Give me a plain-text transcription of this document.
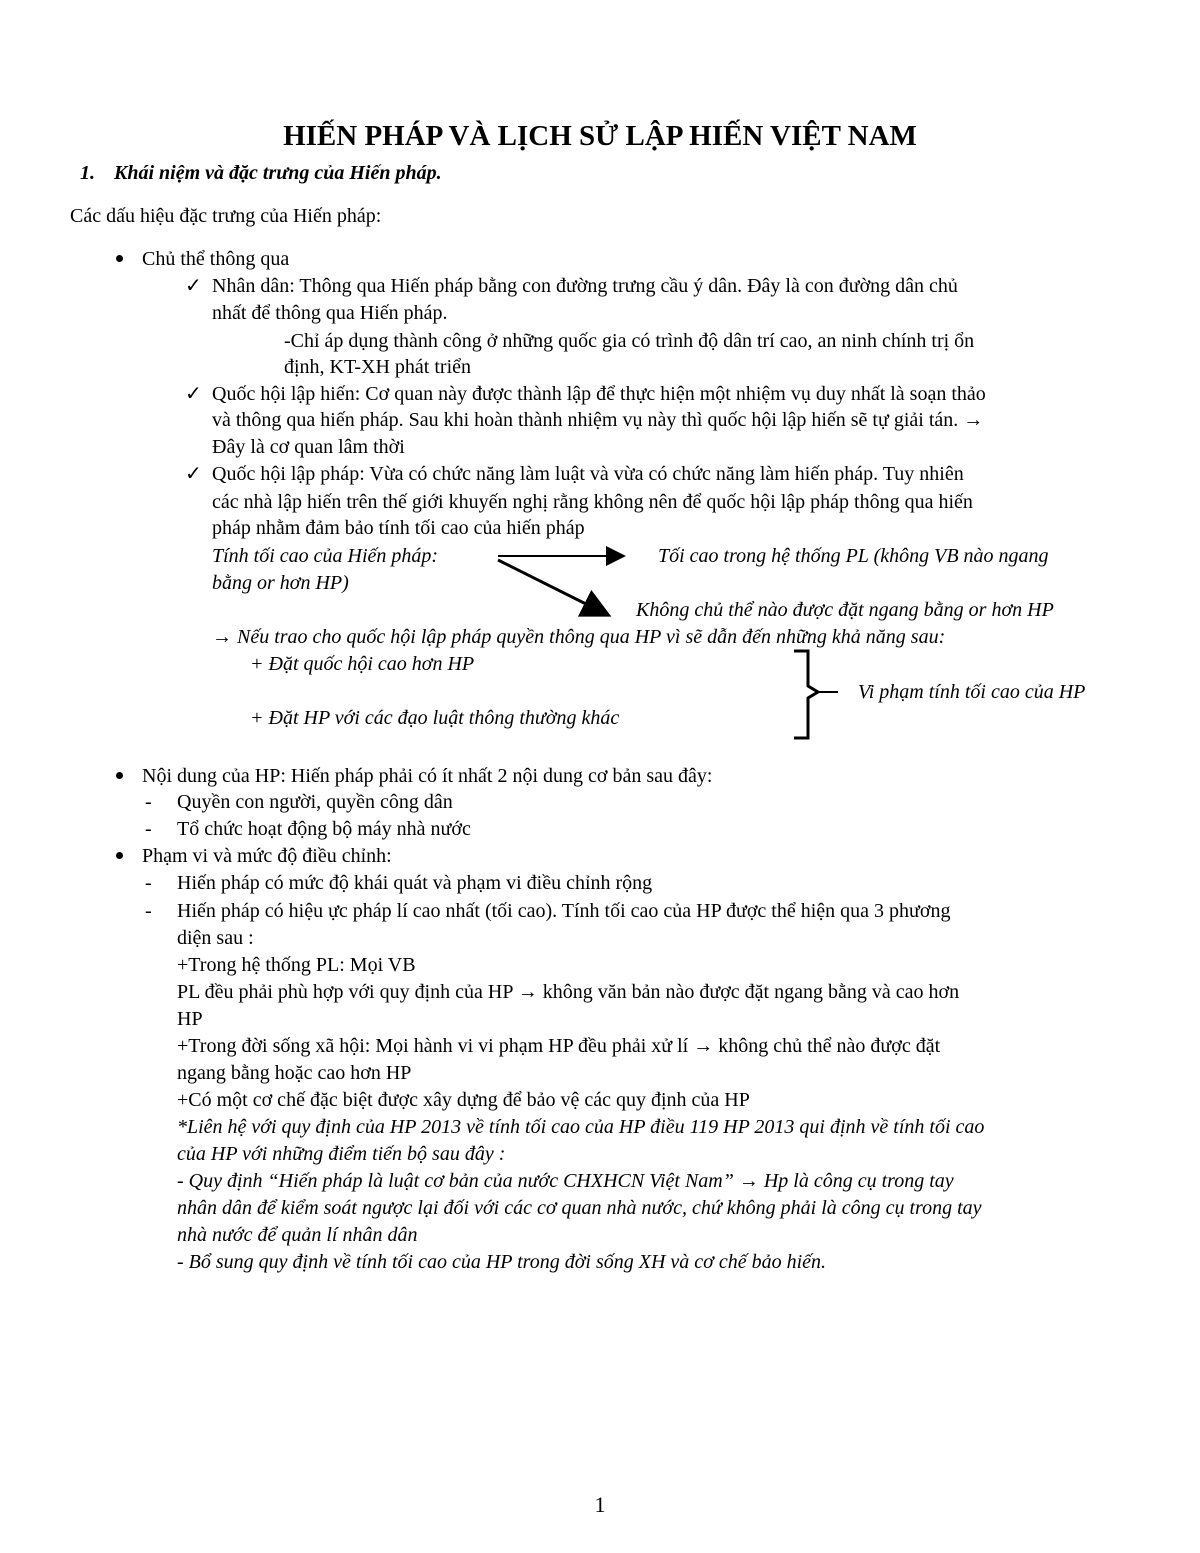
HIẾN PHÁP VÀ LỊCH SỬ LẬP HIẾN VIỆT NAM
1. Khái niệm và đặc trưng của Hiến pháp.
Các dấu hiệu đặc trưng của Hiến pháp:
Chủ thể thông qua
✓ Nhân dân: Thông qua Hiến pháp bằng con đường trưng cầu ý dân. Đây là con đường dân chủ
nhất để thông qua Hiến pháp.
-Chỉ áp dụng thành công ở những quốc gia có trình độ dân trí cao, an ninh chính trị ổn
định, KT-XH phát triển
✓ Quốc hội lập hiến: Cơ quan này được thành lập để thực hiện một nhiệm vụ duy nhất là soạn thảo
và thông qua hiến pháp. Sau khi hoàn thành nhiệm vụ này thì quốc hội lập hiến sẽ tự giải tán. →
Đây là cơ quan lâm thời
✓ Quốc hội lập pháp: Vừa có chức năng làm luật và vừa có chức năng làm hiến pháp. Tuy nhiên
các nhà lập hiến trên thế giới khuyến nghị rằng không nên để quốc hội lập pháp thông qua hiến
pháp nhằm đảm bảo tính tối cao của hiến pháp
Tính tối cao của Hiến pháp:
bằng or hơn HP)
Tối cao trong hệ thống PL (không VB nào ngang
Không chủ thể nào được đặt ngang bằng or hơn HP
→ Nếu trao cho quốc hội lập pháp quyền thông qua HP vì sẽ dẫn đến những khả năng sau:
+ Đặt quốc hội cao hơn HP
+ Đặt HP với các đạo luật thông thường khác
Vi phạm tính tối cao của HP
Nội dung của HP: Hiến pháp phải có ít nhất 2 nội dung cơ bản sau đây:
- Quyền con người, quyền công dân
- Tổ chức hoạt động bộ máy nhà nước
Phạm vi và mức độ điều chỉnh:
- Hiến pháp có mức độ khái quát và phạm vi điều chỉnh rộng
- Hiến pháp có hiệu ực pháp lí cao nhất (tối cao). Tính tối cao của HP được thể hiện qua 3 phương
diện sau :
+Trong hệ thống PL: Mọi VB
PL đều phải phù hợp với quy định của HP → không văn bản nào được đặt ngang bằng và cao hơn
HP
+Trong đời sống xã hội: Mọi hành vi vi phạm HP đều phải xử lí → không chủ thể nào được đặt
ngang bằng hoặc cao hơn HP
+Có một cơ chế đặc biệt được xây dựng để bảo vệ các quy định của HP
*Liên hệ với quy định của HP 2013 về tính tối cao của HP điều 119 HP 2013 qui định về tính tối cao
của HP với những điểm tiến bộ sau đây :
- Quy định “Hiến pháp là luật cơ bản của nước CHXHCN Việt Nam” → Hp là công cụ trong tay
nhân dân để kiểm soát ngược lại đối với các cơ quan nhà nước, chứ không phải là công cụ trong tay
nhà nước để quản lí nhân dân
- Bổ sung quy định về tính tối cao của HP trong đời sống XH và cơ chế bảo hiến.
1
